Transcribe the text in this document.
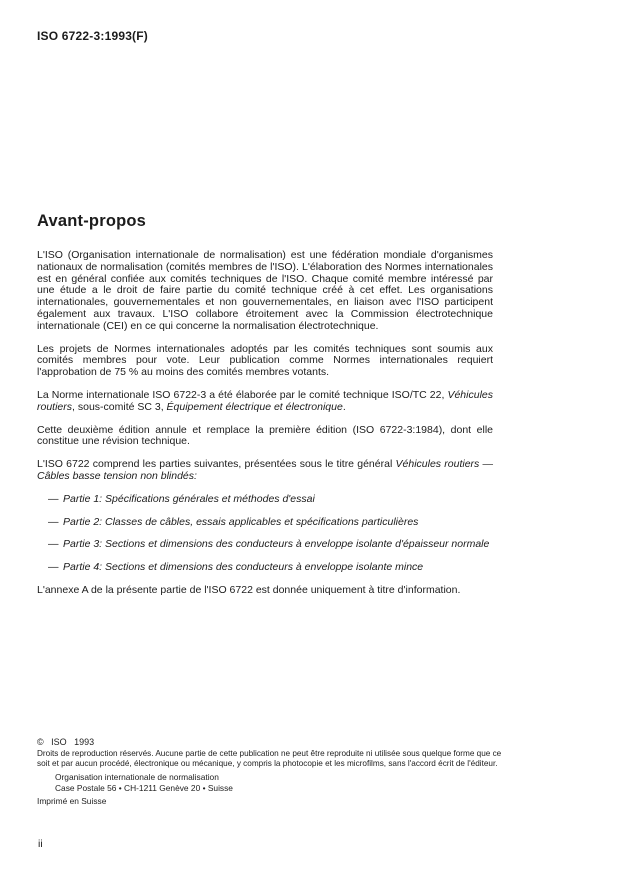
ISO 6722-3:1993(F)
Avant-propos

L'ISO (Organisation internationale de normalisation) est une fédération mondiale d'organismes nationaux de normalisation (comités membres de l'ISO). L'élaboration des Normes internationales est en général confiée aux comités techniques de l'ISO. Chaque comité membre intéressé par une étude a le droit de faire partie du comité technique créé à cet effet. Les organisations internationales, gouvernementales et non gouvernementales, en liaison avec l'ISO participent également aux travaux. L'ISO collabore étroitement avec la Commission électrotechnique internationale (CEI) en ce qui concerne la normalisation électrotechnique.

Les projets de Normes internationales adoptés par les comités techniques sont soumis aux comités membres pour vote. Leur publication comme Normes internationales requiert l'approbation de 75 % au moins des comités membres votants.

La Norme internationale ISO 6722-3 a été élaborée par le comité technique ISO/TC 22, Véhicules routiers, sous-comité SC 3, Équipement électrique et électronique.

Cette deuxième édition annule et remplace la première édition (ISO 6722-3:1984), dont elle constitue une révision technique.

L'ISO 6722 comprend les parties suivantes, présentées sous le titre général Véhicules routiers — Câbles basse tension non blindés:

— Partie 1: Spécifications générales et méthodes d'essai
— Partie 2: Classes de câbles, essais applicables et spécifications particulières
— Partie 3: Sections et dimensions des conducteurs à enveloppe isolante d'épaisseur normale
— Partie 4: Sections et dimensions des conducteurs à enveloppe isolante mince

L'annexe A de la présente partie de l'ISO 6722 est donnée uniquement à titre d'information.

© ISO 1993
Droits de reproduction réservés. Aucune partie de cette publication ne peut être reproduite ni utilisée sous quelque forme que ce soit et par aucun procédé, électronique ou mécanique, y compris la photocopie et les microfilms, sans l'accord écrit de l'éditeur.
Organisation internationale de normalisation
Case Postale 56 • CH-1211 Genève 20 • Suisse
Imprimé en Suisse
ii
